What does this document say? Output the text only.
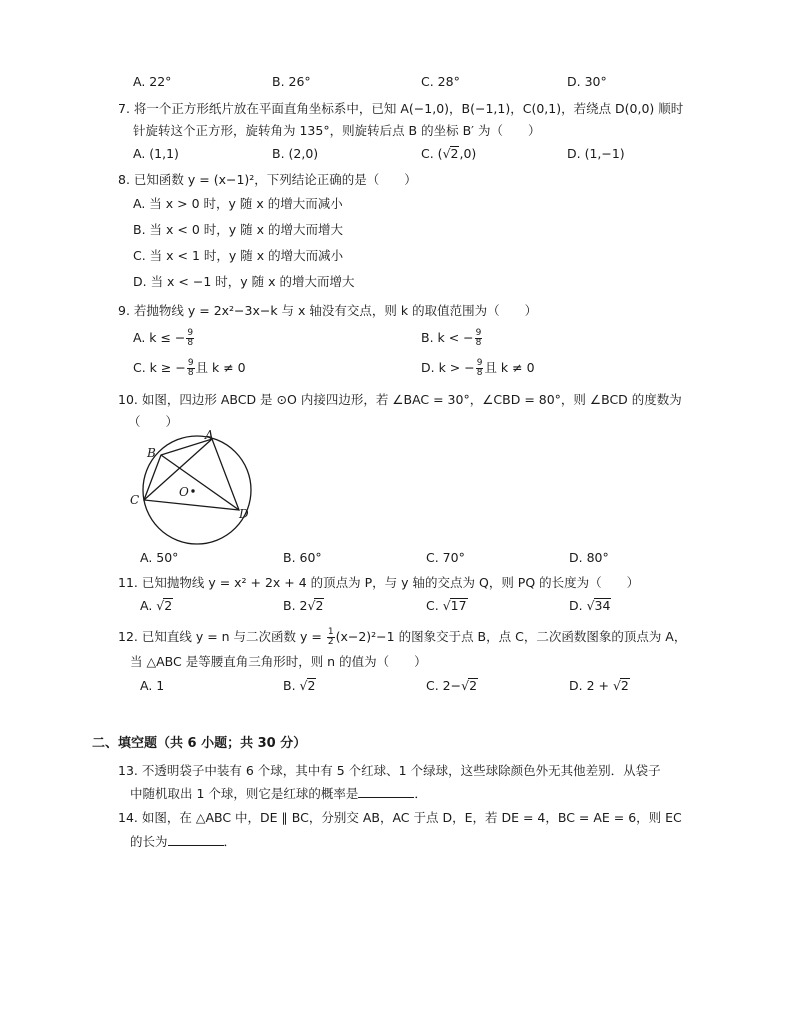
A. 22°	B. 26°	C. 28°	D. 30°
7. 将一个正方形纸片放在平面直角坐标系中，已知 A(−1,0)，B(−1,1)，C(0,1)，若绕点 D(0,0) 顺时
针旋转这个正方形，旋转角为 135°，则旋转后点 B 的坐标 B′ 为（　　）
A. (1,1)	B. (2,0)	C. (√2,0)	D. (1,−1)
8. 已知函数 y = (x−1)²，下列结论正确的是（　　）
A. 当 x > 0 时，y 随 x 的增大而减小
B. 当 x < 0 时，y 随 x 的增大而增大
C. 当 x < 1 时，y 随 x 的增大而减小
D. 当 x < −1 时，y 随 x 的增大而增大
9. 若抛物线 y = 2x²−3x−k 与 x 轴没有交点，则 k 的取值范围为（　　）
A. k ≤ − $\frac{9}{8}$	B. k < − $\frac{9}{8}$
C. k ≥ − $\frac{9}{8}$ 且 k ≠ 0	D. k > − $\frac{9}{8}$ 且 k ≠ 0
10. 如图，四边形 ABCD 是 ⊙O 内接四边形，若 ∠BAC = 30°，∠CBD = 80°，则 ∠BCD 的度数为
（　　）
A
B
C
D
O
A. 50°	B. 60°	C. 70°	D. 80°
11. 已知抛物线 y = x² + 2x + 4 的顶点为 P，与 y 轴的交点为 Q，则 PQ 的长度为（　　）
A. √2	B. 2√2	C. √17	D. √34
12. 已知直线 y = n 与二次函数 $y = \frac{1}{2} (x-2)^2-1$ 的图象交于点 B，点 C，二次函数图象的顶点为 A，
当 △ABC 是等腰直角三角形时，则 n 的值为（　　）
A. 1	B. √2	C. 2−√2	D. 2 + √2
二、填空题（共 6 小题；共 30 分）
13. 不透明袋子中装有 6 个球，其中有 5 个红球、1 个绿球，这些球除颜色外无其他差别．从袋子
中随机取出 1 个球，则它是红球的概率是	．
14. 如图，在 △ABC 中，DE ∥ BC，分别交 AB，AC 于点 D，E，若 DE = 4，BC = AE = 6，则 EC
的长为	．
